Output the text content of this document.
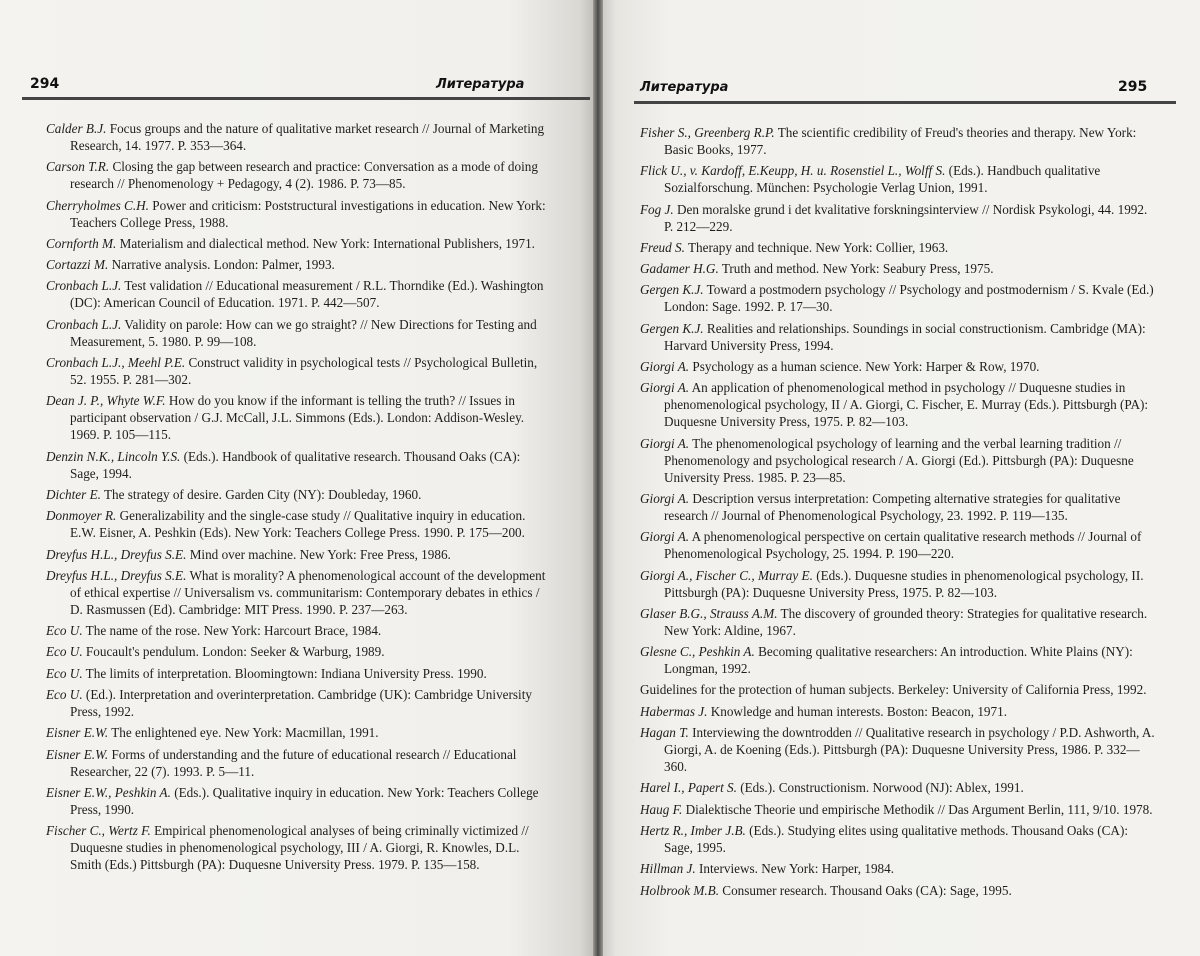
294	Литература
Calder B.J. Focus groups and the nature of qualitative market research // Journal of Marketing Research, 14. 1977. P. 353—364.
Carson T.R. Closing the gap between research and practice: Conversation as a mode of doing research // Phenomenology + Pedagogy, 4 (2). 1986. P. 73—85.
Cherryholmes C.H. Power and criticism: Poststructural investigations in education. New York: Teachers College Press, 1988.
Cornforth M. Materialism and dialectical method. New York: International Publishers, 1971.
Cortazzi M. Narrative analysis. London: Palmer, 1993.
Cronbach L.J. Test validation // Educational measurement / R.L. Thorndike (Ed.). Washington (DC): American Council of Education. 1971. P. 442—507.
Cronbach L.J. Validity on parole: How can we go straight? // New Directions for Testing and Measurement, 5. 1980. P. 99—108.
Cronbach L.J., Meehl P.E. Construct validity in psychological tests // Psychological Bulletin, 52. 1955. P. 281—302.
Dean J. P., Whyte W.F. How do you know if the informant is telling the truth? // Issues in participant observation / G.J. McCall, J.L. Simmons (Eds.). London: Addison-Wesley. 1969. P. 105—115.
Denzin N.K., Lincoln Y.S. (Eds.). Handbook of qualitative research. Thousand Oaks (CA): Sage, 1994.
Dichter E. The strategy of desire. Garden City (NY): Doubleday, 1960.
Donmoyer R. Generalizability and the single-case study // Qualitative inquiry in education. E.W. Eisner, A. Peshkin (Eds). New York: Teachers College Press. 1990. P. 175—200.
Dreyfus H.L., Dreyfus S.E. Mind over machine. New York: Free Press, 1986.
Dreyfus H.L., Dreyfus S.E. What is morality? A phenomenological account of the development of ethical expertise // Universalism vs. communitarism: Contemporary debates in ethics / D. Rasmussen (Ed). Cambridge: MIT Press. 1990. P. 237—263.
Eco U. The name of the rose. New York: Harcourt Brace, 1984.
Eco U. Foucault's pendulum. London: Seeker & Warburg, 1989.
Eco U. The limits of interpretation. Bloomingtown: Indiana University Press. 1990.
Eco U. (Ed.). Interpretation and overinterpretation. Cambridge (UK): Cambridge University Press, 1992.
Eisner E.W. The enlightened eye. New York: Macmillan, 1991.
Eisner E.W. Forms of understanding and the future of educational research // Educational Researcher, 22 (7). 1993. P. 5—11.
Eisner E.W., Peshkin A. (Eds.). Qualitative inquiry in education. New York: Teachers College Press, 1990.
Fischer C., Wertz F. Empirical phenomenological analyses of being criminally victimized // Duquesne studies in phenomenological psychology, III / A. Giorgi, R. Knowles, D.L. Smith (Eds.) Pittsburgh (PA): Duquesne University Press. 1979. P. 135—158.
Литература	295
Fisher S., Greenberg R.P. The scientific credibility of Freud's theories and therapy. New York: Basic Books, 1977.
Flick U., v. Kardoff, E.Keupp, H. u. Rosenstiel L., Wolff S. (Eds.). Handbuch qualitative Sozialforschung. München: Psychologie Verlag Union, 1991.
Fog J. Den moralske grund i det kvalitative forskningsinterview // Nordisk Psykologi, 44. 1992. P. 212—229.
Freud S. Therapy and technique. New York: Collier, 1963.
Gadamer H.G. Truth and method. New York: Seabury Press, 1975.
Gergen K.J. Toward a postmodern psychology // Psychology and postmodernism / S. Kvale (Ed.) London: Sage. 1992. P. 17—30.
Gergen K.J. Realities and relationships. Soundings in social constructionism. Cambridge (MA): Harvard University Press, 1994.
Giorgi A. Psychology as a human science. New York: Harper & Row, 1970.
Giorgi A. An application of phenomenological method in psychology // Duquesne studies in phenomenological psychology, II / A. Giorgi, C. Fischer, E. Murray (Eds.). Pittsburgh (PA): Duquesne University Press, 1975. P. 82—103.
Giorgi A. The phenomenological psychology of learning and the verbal learning tradition // Phenomenology and psychological research / A. Giorgi (Ed.). Pittsburgh (PA): Duquesne University Press. 1985. P. 23—85.
Giorgi A. Description versus interpretation: Competing alternative strategies for qualitative research // Journal of Phenomenological Psychology, 23. 1992. P. 119—135.
Giorgi A. A phenomenological perspective on certain qualitative research methods // Journal of Phenomenological Psychology, 25. 1994. P. 190—220.
Giorgi A., Fischer C., Murray E. (Eds.). Duquesne studies in phenomenological psychology, II. Pittsburgh (PA): Duquesne University Press, 1975. P. 82—103.
Glaser B.G., Strauss A.M. The discovery of grounded theory: Strategies for qualitative research. New York: Aldine, 1967.
Glesne C., Peshkin A. Becoming qualitative researchers: An introduction. White Plains (NY): Longman, 1992.
Guidelines for the protection of human subjects. Berkeley: University of California Press, 1992.
Habermas J. Knowledge and human interests. Boston: Beacon, 1971.
Hagan T. Interviewing the downtrodden // Qualitative research in psychology / P.D. Ashworth, A. Giorgi, A. de Koening (Eds.). Pittsburgh (PA): Duquesne University Press, 1986. P. 332—360.
Harel I., Papert S. (Eds.). Constructionism. Norwood (NJ): Ablex, 1991.
Haug F. Dialektische Theorie und empirische Methodik // Das Argument Berlin, 111, 9/10. 1978.
Hertz R., Imber J.B. (Eds.). Studying elites using qualitative methods. Thousand Oaks (CA): Sage, 1995.
Hillman J. Interviews. New York: Harper, 1984.
Holbrook M.B. Consumer research. Thousand Oaks (CA): Sage, 1995.
